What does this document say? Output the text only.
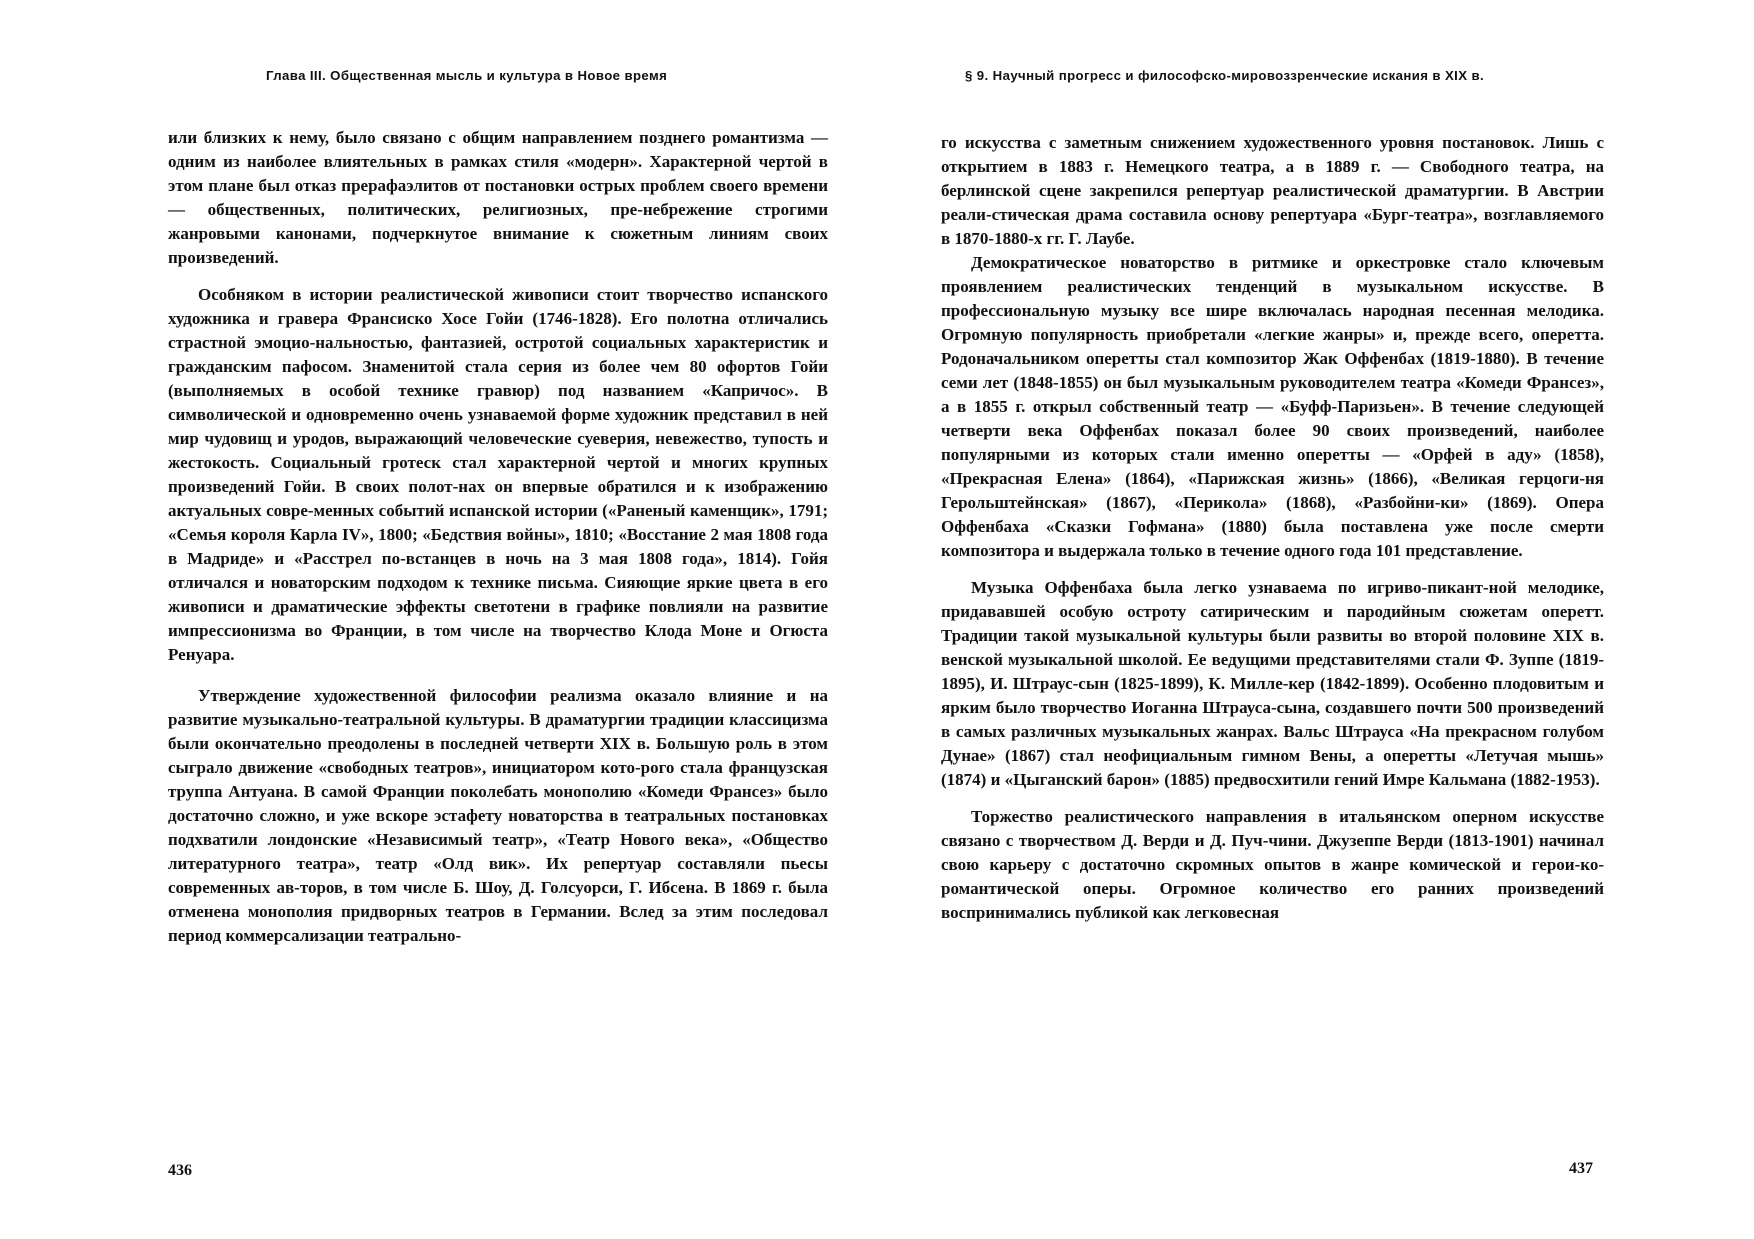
Глава III. Общественная мысль и культура в Новое время

или близких к нему, было связано с общим направлением позднего романтизма — одним из наиболее влиятельных в рамках стиля «модерн». Характерной чертой в этом плане был отказ прерафаэлитов от постановки острых проблем своего времени — общественных, политических, религиозных, пре-небрежение строгими жанровыми канонами, подчеркнутое внимание к сюжетным линиям своих произведений.

Особняком в истории реалистической живописи стоит творчество испанского художника и гравера Франсиско Хосе Гойи (1746-1828). Его полотна отличались страстной эмоцио-нальностью, фантазией, остротой социальных характеристик и гражданским пафосом. Знаменитой стала серия из более чем 80 офортов Гойи (выполняемых в особой технике гравюр) под названием «Капричос». В символической и одновременно очень узнаваемой форме художник представил в ней мир чудовищ и уродов, выражающий человеческие суеверия, невежество, тупость и жестокость. Социальный гротеск стал характерной чертой и многих крупных произведений Гойи. В своих полот-нах он впервые обратился и к изображению актуальных совре-менных событий испанской истории («Раненый каменщик», 1791; «Семья короля Карла IV», 1800; «Бедствия войны», 1810; «Восстание 2 мая 1808 года в Мадриде» и «Расстрел по-встанцев в ночь на 3 мая 1808 года», 1814). Гойя отличался и новаторским подходом к технике письма. Сияющие яркие цвета в его живописи и драматические эффекты светотени в графике повлияли на развитие импрессионизма во Франции, в том числе на творчество Клода Моне и Огюста Ренуара.

Утверждение художественной философии реализма оказало влияние и на развитие музыкально-театральной культуры. В драматургии традиции классицизма были окончательно преодолены в последней четверти XIX в. Большую роль в этом сыграло движение «свободных театров», инициатором кото-рого стала французская труппа Антуана. В самой Франции поколебать монополию «Комеди Франсез» было достаточно сложно, и уже вскоре эстафету новаторства в театральных постановках подхватили лондонские «Независимый театр», «Театр Нового века», «Общество литературного театра», театр «Олд вик». Их репертуар составляли пьесы современных ав-торов, в том числе Б. Шоу, Д. Голсуорси, Г. Ибсена. В 1869 г. была отменена монополия придворных театров в Германии. Вслед за этим последовал период коммерсализации театрально-

436
§ 9. Научный прогресс и философско-мировоззренческие искания в XIX в.

го искусства с заметным снижением художественного уровня постановок. Лишь с открытием в 1883 г. Немецкого театра, а в 1889 г. — Свободного театра, на берлинской сцене закрепился репертуар реалистической драматургии. В Австрии реали-стическая драма составила основу репертуара «Бург-театра», возглавляемого в 1870-1880-х гг. Г. Лаубе.

Демократическое новаторство в ритмике и оркестровке стало ключевым проявлением реалистических тенденций в музыкальном искусстве. В профессиональную музыку все шире включалась народная песенная мелодика. Огромную популярность приобретали «легкие жанры» и, прежде всего, оперетта. Родоначальником оперетты стал композитор Жак Оффенбах (1819-1880). В течение семи лет (1848-1855) он был музыкальным руководителем театра «Комеди Франсез», а в 1855 г. открыл собственный театр — «Буфф-Паризьен». В течение следующей четверти века Оффенбах показал более 90 своих произведений, наиболее популярными из которых стали именно оперетты — «Орфей в аду» (1858), «Прекрасная Елена» (1864), «Парижская жизнь» (1866), «Великая герцоги-ня Герольштейнская» (1867), «Перикола» (1868), «Разбойни-ки» (1869). Опера Оффенбаха «Сказки Гофмана» (1880) была поставлена уже после смерти композитора и выдержала только в течение одного года 101 представление.

Музыка Оффенбаха была легко узнаваема по игриво-пикант-ной мелодике, придававшей особую остроту сатирическим и пародийным сюжетам оперетт. Традиции такой музыкальной культуры были развиты во второй половине XIX в. венской музыкальной школой. Ее ведущими представителями стали Ф. Зуппе (1819-1895), И. Штраус-сын (1825-1899), К. Милле-кер (1842-1899). Особенно плодовитым и ярким было творчество Иоганна Штрауса-сына, создавшего почти 500 произведений в самых различных музыкальных жанрах. Вальс Штрауса «На прекрасном голубом Дунае» (1867) стал неофициальным гимном Вены, а оперетты «Летучая мышь» (1874) и «Цыганский барон» (1885) предвосхитили гений Имре Кальмана (1882-1953).

Торжество реалистического направления в итальянском оперном искусстве связано с творчеством Д. Верди и Д. Пуч-чини. Джузеппе Верди (1813-1901) начинал свою карьеру с достаточно скромных опытов в жанре комической и герои-ко-романтической оперы. Огромное количество его ранних произведений воспринимались публикой как легковесная

437
